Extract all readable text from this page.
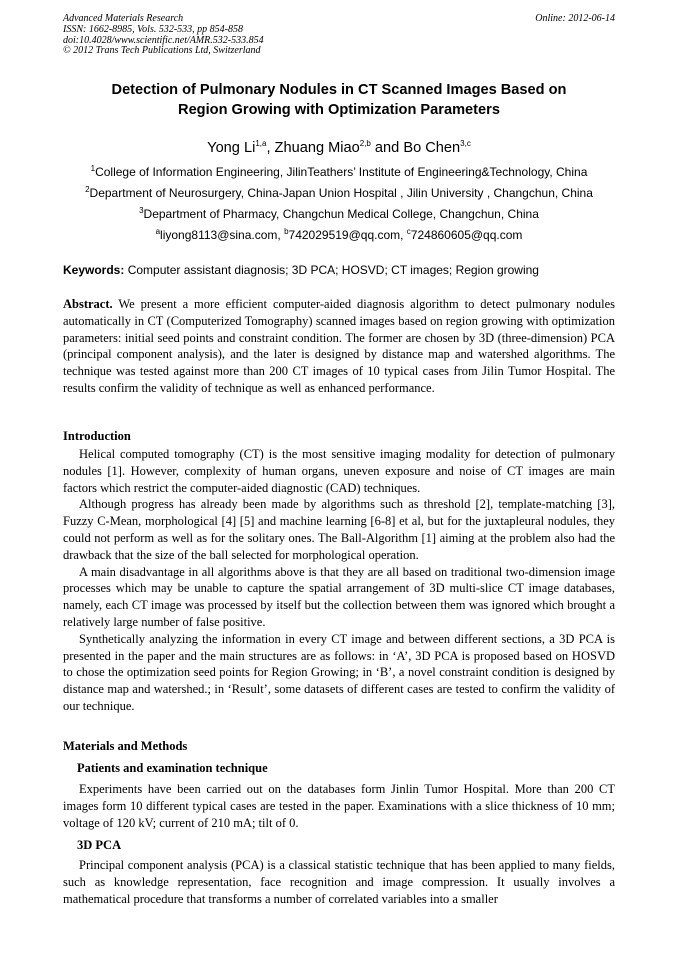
Advanced Materials Research
ISSN: 1662-8985, Vols. 532-533, pp 854-858
doi:10.4028/www.scientific.net/AMR.532-533.854
© 2012 Trans Tech Publications Ltd, Switzerland
Online: 2012-06-14
Detection of Pulmonary Nodules in CT Scanned Images Based on
Region Growing with Optimization Parameters
Yong Li$^{1,a}$, Zhuang Miao$^{2,b}$ and Bo Chen$^{3,c}$
$^1$College of Information Engineering, JilinTeathers’ Institute of Engineering&Technology, China
$^2$Department of Neurosurgery, China-Japan Union Hospital , Jilin University , Changchun, China
$^3$Department of Pharmacy, Changchun Medical College, Changchun, China
$^a$liyong8113@sina.com, $^b$742029519@qq.com, $^c$724860605@qq.com
Keywords: Computer assistant diagnosis; 3D PCA; HOSVD; CT images; Region growing
Abstract. We present a more efficient computer-aided diagnosis algorithm to detect pulmonary nodules automatically in CT (Computerized Tomography) scanned images based on region growing with optimization parameters: initial seed points and constraint condition. The former are chosen by 3D (three-dimension) PCA (principal component analysis), and the later is designed by distance map and watershed algorithms. The technique was tested against more than 200 CT images of 10 typical cases from Jilin Tumor Hospital. The results confirm the validity of technique as well as enhanced performance.
Introduction

Helical computed tomography (CT) is the most sensitive imaging modality for detection of pulmonary nodules [1]. However, complexity of human organs, uneven exposure and noise of CT images are main factors which restrict the computer-aided diagnostic (CAD) techniques.

Although progress has already been made by algorithms such as threshold [2], template-matching [3], Fuzzy C-Mean, morphological [4] [5] and machine learning [6-8] et al, but for the juxtapleural nodules, they could not perform as well as for the solitary ones. The Ball-Algorithm [1] aiming at the problem also had the drawback that the size of the ball selected for morphological operation.

A main disadvantage in all algorithms above is that they are all based on traditional two-dimension image processes which may be unable to capture the spatial arrangement of 3D multi-slice CT image databases, namely, each CT image was processed by itself but the collection between them was ignored which brought a relatively large number of false positive.

Synthetically analyzing the information in every CT image and between different sections, a 3D PCA is presented in the paper and the main structures are as follows: in ‘A’, 3D PCA is proposed based on HOSVD to chose the optimization seed points for Region Growing; in ‘B’, a novel constraint condition is designed by distance map and watershed.; in ‘Result’, some datasets of different cases are tested to confirm the validity of our technique.

Materials and Methods
Patients and examination technique

Experiments have been carried out on the databases form Jinlin Tumor Hospital. More than 200 CT images form 10 different typical cases are tested in the paper. Examinations with a slice thickness of 10 mm; voltage of 120 kV; current of 210 mA; tilt of 0.

3D PCA

Principal component analysis (PCA) is a classical statistic technique that has been applied to many fields, such as knowledge representation, face recognition and image compression. It usually involves a mathematical procedure that transforms a number of correlated variables into a smaller
